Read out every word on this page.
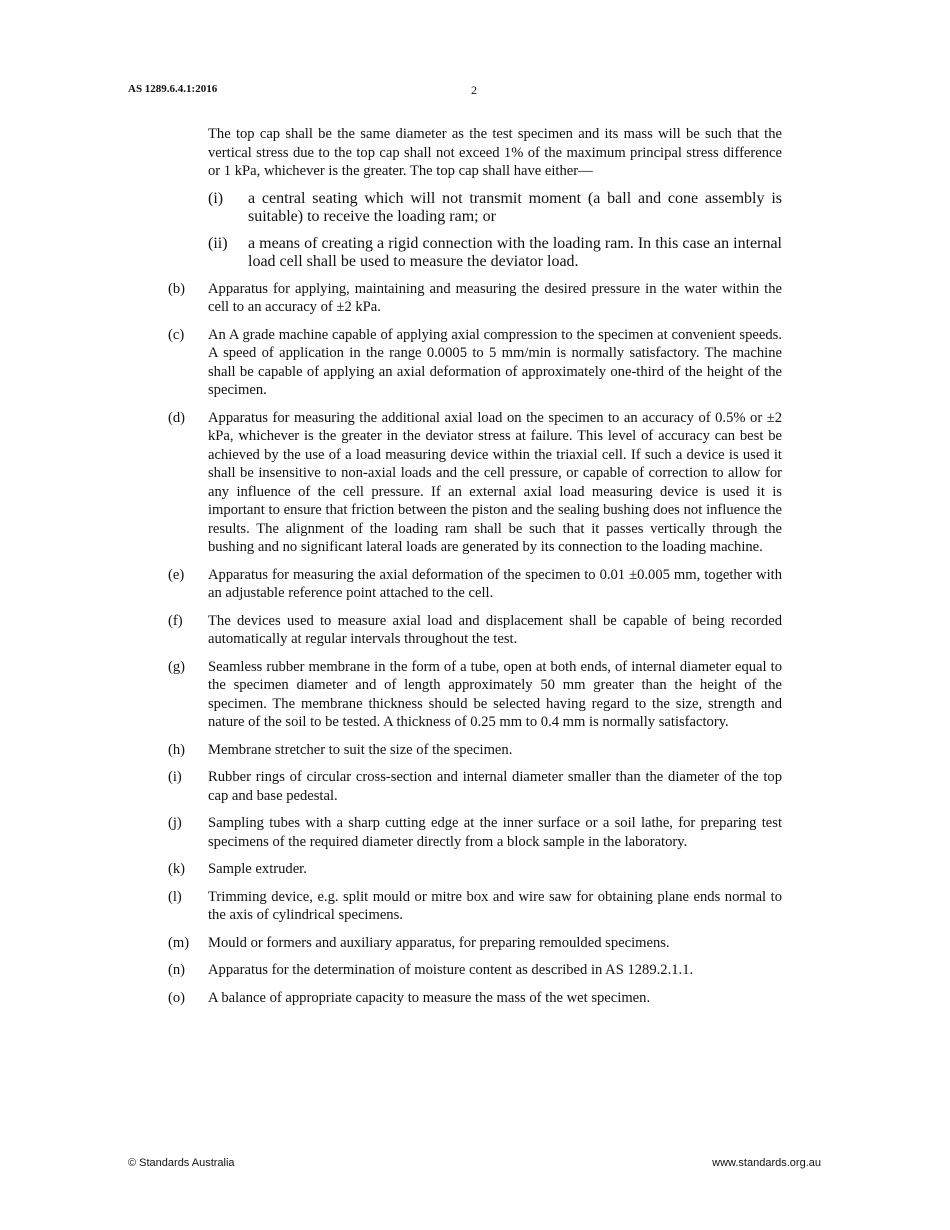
AS 1289.6.4.1:2016	2

The top cap shall be the same diameter as the test specimen and its mass will be such that the vertical stress due to the top cap shall not exceed 1% of the maximum principal stress difference or 1 kPa, whichever is the greater. The top cap shall have either—

(i) a central seating which will not transmit moment (a ball and cone assembly is suitable) to receive the loading ram; or
(ii) a means of creating a rigid connection with the loading ram. In this case an internal load cell shall be used to measure the deviator load.
(b) Apparatus for applying, maintaining and measuring the desired pressure in the water within the cell to an accuracy of ±2 kPa.
(c) An A grade machine capable of applying axial compression to the specimen at convenient speeds. A speed of application in the range 0.0005 to 5 mm/min is normally satisfactory. The machine shall be capable of applying an axial deformation of approximately one-third of the height of the specimen.
(d) Apparatus for measuring the additional axial load on the specimen to an accuracy of 0.5% or ±2 kPa, whichever is the greater in the deviator stress at failure. This level of accuracy can best be achieved by the use of a load measuring device within the triaxial cell. If such a device is used it shall be insensitive to non-axial loads and the cell pressure, or capable of correction to allow for any influence of the cell pressure. If an external axial load measuring device is used it is important to ensure that friction between the piston and the sealing bushing does not influence the results. The alignment of the loading ram shall be such that it passes vertically through the bushing and no significant lateral loads are generated by its connection to the loading machine.
(e) Apparatus for measuring the axial deformation of the specimen to 0.01 ±0.005 mm, together with an adjustable reference point attached to the cell.
(f) The devices used to measure axial load and displacement shall be capable of being recorded automatically at regular intervals throughout the test.
(g) Seamless rubber membrane in the form of a tube, open at both ends, of internal diameter equal to the specimen diameter and of length approximately 50 mm greater than the height of the specimen. The membrane thickness should be selected having regard to the size, strength and nature of the soil to be tested. A thickness of 0.25 mm to 0.4 mm is normally satisfactory.
(h) Membrane stretcher to suit the size of the specimen.
(i) Rubber rings of circular cross-section and internal diameter smaller than the diameter of the top cap and base pedestal.
(j) Sampling tubes with a sharp cutting edge at the inner surface or a soil lathe, for preparing test specimens of the required diameter directly from a block sample in the laboratory.
(k) Sample extruder.
(l) Trimming device, e.g. split mould or mitre box and wire saw for obtaining plane ends normal to the axis of cylindrical specimens.
(m) Mould or formers and auxiliary apparatus, for preparing remoulded specimens.
(n) Apparatus for the determination of moisture content as described in AS 1289.2.1.1.
(o) A balance of appropriate capacity to measure the mass of the wet specimen.
© Standards Australia	www.standards.org.au
